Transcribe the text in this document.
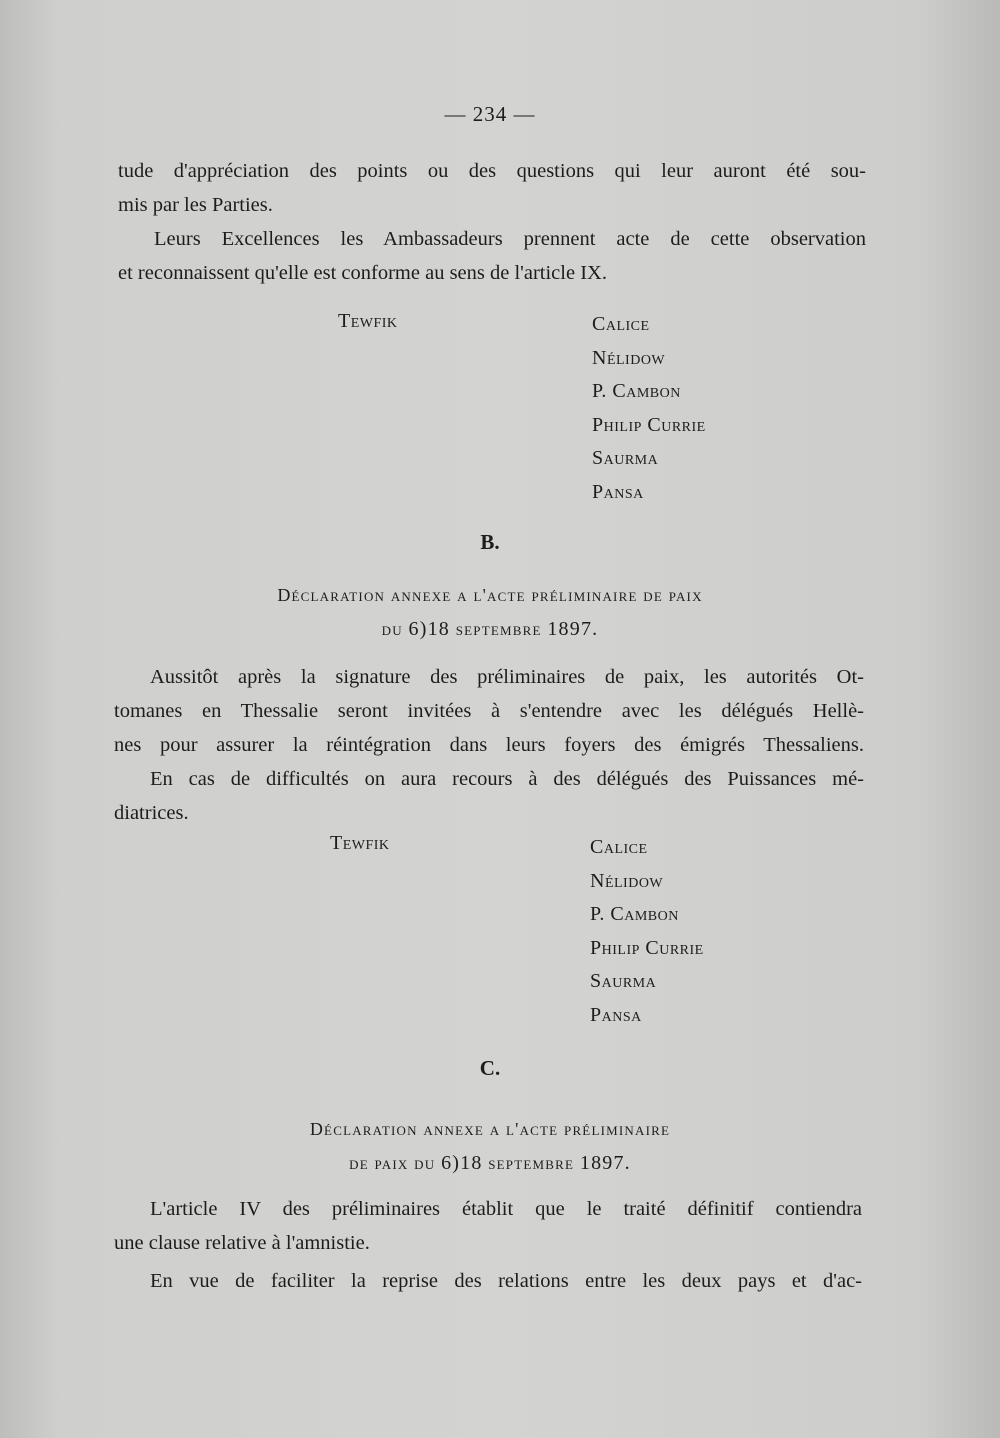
— 234 —

tude d'appréciation des points ou des questions qui leur auront été sou-

mis par les Parties.

Leurs Excellences les Ambassadeurs prennent acte de cette observation

et reconnaissent qu'elle est conforme au sens de l'article IX.

Tewfik	Calice
Nélidow
P. Cambon
Philip Currie
Saurma
Pansa
B.
Déclaration annexe a l'acte préliminaire de paix
du 6)18 septembre 1897.

Aussitôt après la signature des préliminaires de paix, les autorités Ot-

tomanes en Thessalie seront invitées à s'entendre avec les délégués Hellè-

nes pour assurer la réintégration dans leurs foyers des émigrés Thessaliens.

En cas de difficultés on aura recours à des délégués des Puissances mé-

diatrices.

Tewfik	Calice
Nélidow
P. Cambon
Philip Currie
Saurma
Pansa
C.
Déclaration annexe a l'acte préliminaire
de paix du 6)18 septembre 1897.

L'article IV des préliminaires établit que le traité définitif contiendra

une clause relative à l'amnistie.

En vue de faciliter la reprise des relations entre les deux pays et d'ac-
